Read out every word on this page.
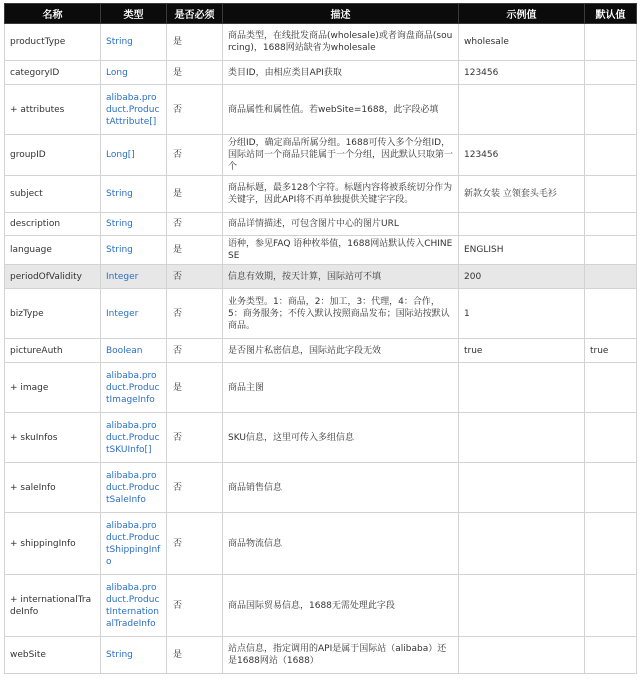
名称	类型	是否必须	描述	示例值	默认值
productType	String	是	商品类型，在线批发商品(wholesale)或者询盘商品(sourcing)，1688网站缺省为wholesale	wholesale	
categoryID	Long	是	类目ID，由相应类目API获取	123456	
+ attributes	alibaba.product.ProductAttribute[]	否	商品属性和属性值。若webSite=1688，此字段必填		
groupID	Long[]	否	分组ID，确定商品所属分组。1688可传入多个分组ID，国际站同一个商品只能属于一个分组，因此默认只取第一个	123456	
subject	String	是	商品标题，最多128个字符。标题内容将被系统切分作为关键字，因此API将不再单独提供关键字字段。	新款女装 立领套头毛衫	
description	String	否	商品详情描述，可包含图片中心的图片URL		
language	String	是	语种，参见FAQ 语种枚举值，1688网站默认传入CHINESE	ENGLISH	
periodOfValidity	Integer	否	信息有效期，按天计算，国际站可不填	200	
bizType	Integer	否	业务类型。1：商品，2：加工，3：代理，4：合作，5：商务服务；不传入默认按照商品发布；国际站按默认商品。	1	
pictureAuth	Boolean	否	是否图片私密信息，国际站此字段无效	true	true
+ image	alibaba.product.ProductImageInfo	是	商品主图		
+ skuInfos	alibaba.product.ProductSKUInfo[]	否	SKU信息，这里可传入多组信息		
+ saleInfo	alibaba.product.ProductSaleInfo	否	商品销售信息		
+ shippingInfo	alibaba.product.ProductShippingInfo	否	商品物流信息		
+ internationalTradeInfo	alibaba.product.ProductInternationalTradeInfo	否	商品国际贸易信息，1688无需处理此字段		
webSite	String	是	站点信息，指定调用的API是属于国际站（alibaba）还是1688网站（1688）		
